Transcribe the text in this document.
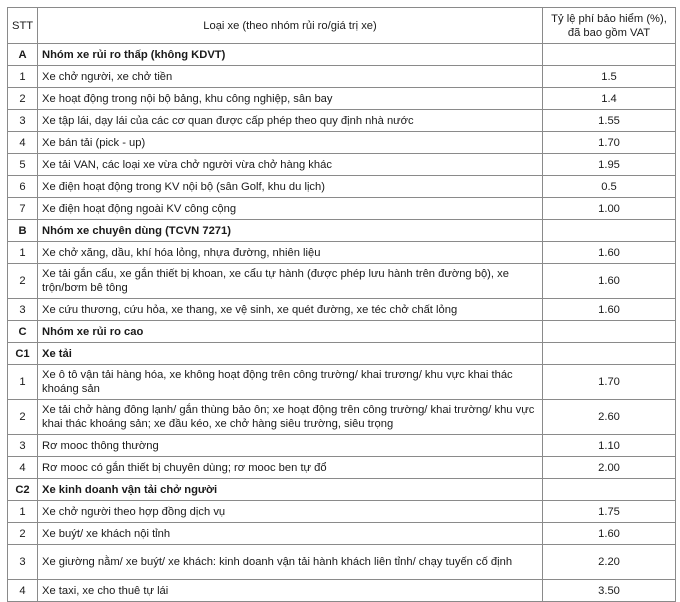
STT	Loại xe (theo nhóm rủi ro/giá trị xe)	Tỷ lệ phí bảo hiểm (%),
đã bao gồm VAT

A	Nhóm xe rủi ro thấp (không KDVT)	
1	Xe chở người, xe chở tiền	1.5
2	Xe hoạt động trong nội bộ bảng, khu công nghiệp, sân bay	1.4
3	Xe tập lái, dạy lái của các cơ quan được cấp phép theo quy định nhà nước	1.55
4	Xe bán tải (pick - up)	1.70
5	Xe tải VAN, các loại xe vừa chở người vừa chở hàng khác	1.95
6	Xe điện hoạt động trong KV nội bộ (sân Golf, khu du lịch)	0.5
7	Xe điện hoạt động ngoài KV công cộng	1.00
B	Nhóm xe chuyên dùng (TCVN 7271)	
1	Xe chở xăng, dầu, khí hóa lỏng, nhựa đường, nhiên liệu	1.60
2	Xe tải gắn cẩu, xe gắn thiết bị khoan, xe cẩu tự hành (được phép lưu hành trên đường bộ), xe trộn/bơm bê tông	1.60
3	Xe cứu thương, cứu hỏa, xe thang, xe vệ sinh, xe quét đường, xe téc chở chất lỏng	1.60
C	Nhóm xe rủi ro cao	
C1	Xe tải	
1	Xe ô tô vận tải hàng hóa, xe không hoạt động trên công trường/ khai trương/ khu vực khai thác khoáng sản	1.70
2	Xe tải chở hàng đông lạnh/ gắn thùng bảo ôn; xe hoạt động trên công trường/ khai trường/ khu vực khai thác khoáng sản; xe đầu kéo, xe chở hàng siêu trường, siêu trọng	2.60
3	Rơ mooc thông thường	1.10
4	Rơ mooc có gắn thiết bị chuyên dùng; rơ mooc ben tự đổ	2.00
C2	Xe kinh doanh vận tải chở người	
1	Xe chở người theo hợp đồng dịch vụ	1.75
2	Xe buýt/ xe khách nội tỉnh	1.60
3	Xe giường nằm/ xe buýt/ xe khách: kinh doanh vận tải hành khách liên tỉnh/ chạy tuyến cố định	2.20
4	Xe taxi, xe cho thuê tự lái	3.50
